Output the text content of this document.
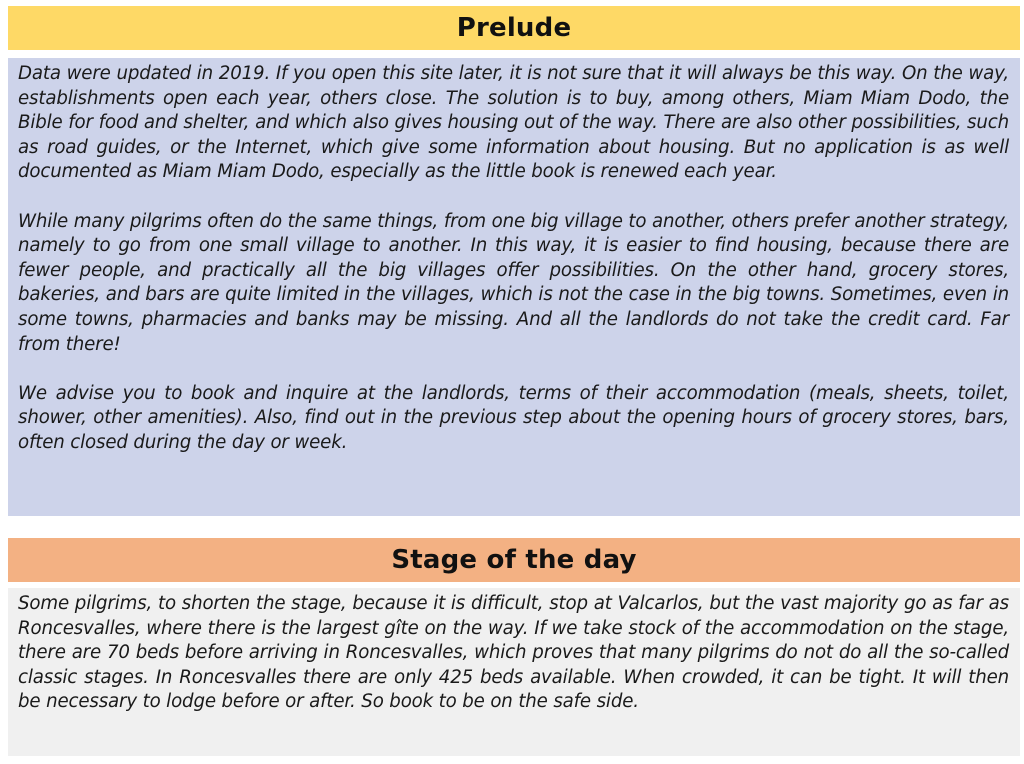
Prelude

Data were updated in 2019. If you open this site later, it is not sure that it will always be this way. On the way, establishments open each year, others close. The solution is to buy, among others, Miam Miam Dodo, the Bible for food and shelter, and which also gives housing out of the way. There are also other possibilities, such as road guides, or the Internet, which give some information about housing. But no application is as well documented as Miam Miam Dodo, especially as the little book is renewed each year.

While many pilgrims often do the same things, from one big village to another, others prefer another strategy, namely to go from one small village to another. In this way, it is easier to find housing, because there are fewer people, and practically all the big villages offer possibilities. On the other hand, grocery stores, bakeries, and bars are quite limited in the villages, which is not the case in the big towns. Sometimes, even in some towns, pharmacies and banks may be missing. And all the landlords do not take the credit card. Far from there!

We advise you to book and inquire at the landlords, terms of their accommodation (meals, sheets, toilet, shower, other amenities). Also, find out in the previous step about the opening hours of grocery stores, bars, often closed during the day or week.

Stage of the day

Some pilgrims, to shorten the stage, because it is difficult, stop at Valcarlos, but the vast majority go as far as Roncesvalles, where there is the largest gîte on the way. If we take stock of the accommodation on the stage, there are 70 beds before arriving in Roncesvalles, which proves that many pilgrims do not do all the so-called classic stages. In Roncesvalles there are only 425 beds available. When crowded, it can be tight. It will then be necessary to lodge before or after. So book to be on the safe side.
